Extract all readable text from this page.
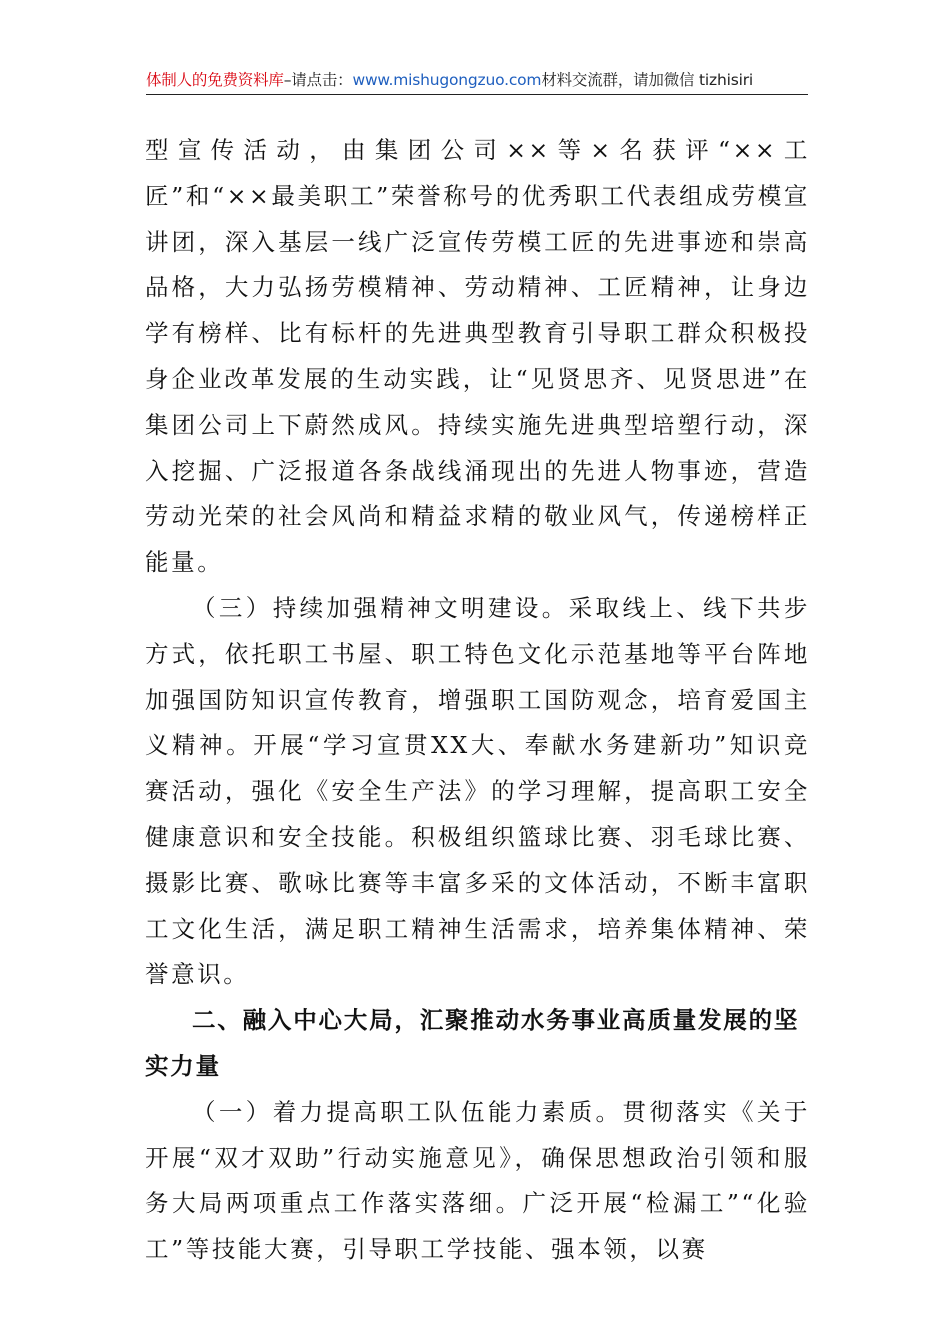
体制人的免费资料库–请点击：www.mishugongzuo.com材料交流群，请加微信 tizhisiri

型宣传活动，由集团公司××等×名获评“××工匠”和“××最美职工”荣誉称号的优秀职工代表组成劳模宣讲团，深入基层一线广泛宣传劳模工匠的先进事迹和崇高品格，大力弘扬劳模精神、劳动精神、工匠精神，让身边学有榜样、比有标杆的先进典型教育引导职工群众积极投身企业改革发展的生动实践，让“见贤思齐、见贤思进”在集团公司上下蔚然成风。持续实施先进典型培塑行动，深入挖掘、广泛报道各条战线涌现出的先进人物事迹，营造劳动光荣的社会风尚和精益求精的敬业风气，传递榜样正能量。

（三）持续加强精神文明建设。采取线上、线下共步方式，依托职工书屋、职工特色文化示范基地等平台阵地加强国防知识宣传教育，增强职工国防观念，培育爱国主义精神。开展“学习宣贯XX大、奉献水务建新功”知识竞赛活动，强化《安全生产法》的学习理解，提高职工安全健康意识和安全技能。积极组织篮球比赛、羽毛球比赛、摄影比赛、歌咏比赛等丰富多采的文体活动，不断丰富职工文化生活，满足职工精神生活需求，培养集体精神、荣誉意识。

二、融入中心大局，汇聚推动水务事业高质量发展的坚实力量

（一）着力提高职工队伍能力素质。贯彻落实《关于开展“双才双助”行动实施意见》，确保思想政治引领和服务大局两项重点工作落实落细。广泛开展“检漏工”“化验工”等技能大赛，引导职工学技能、强本领，以赛
